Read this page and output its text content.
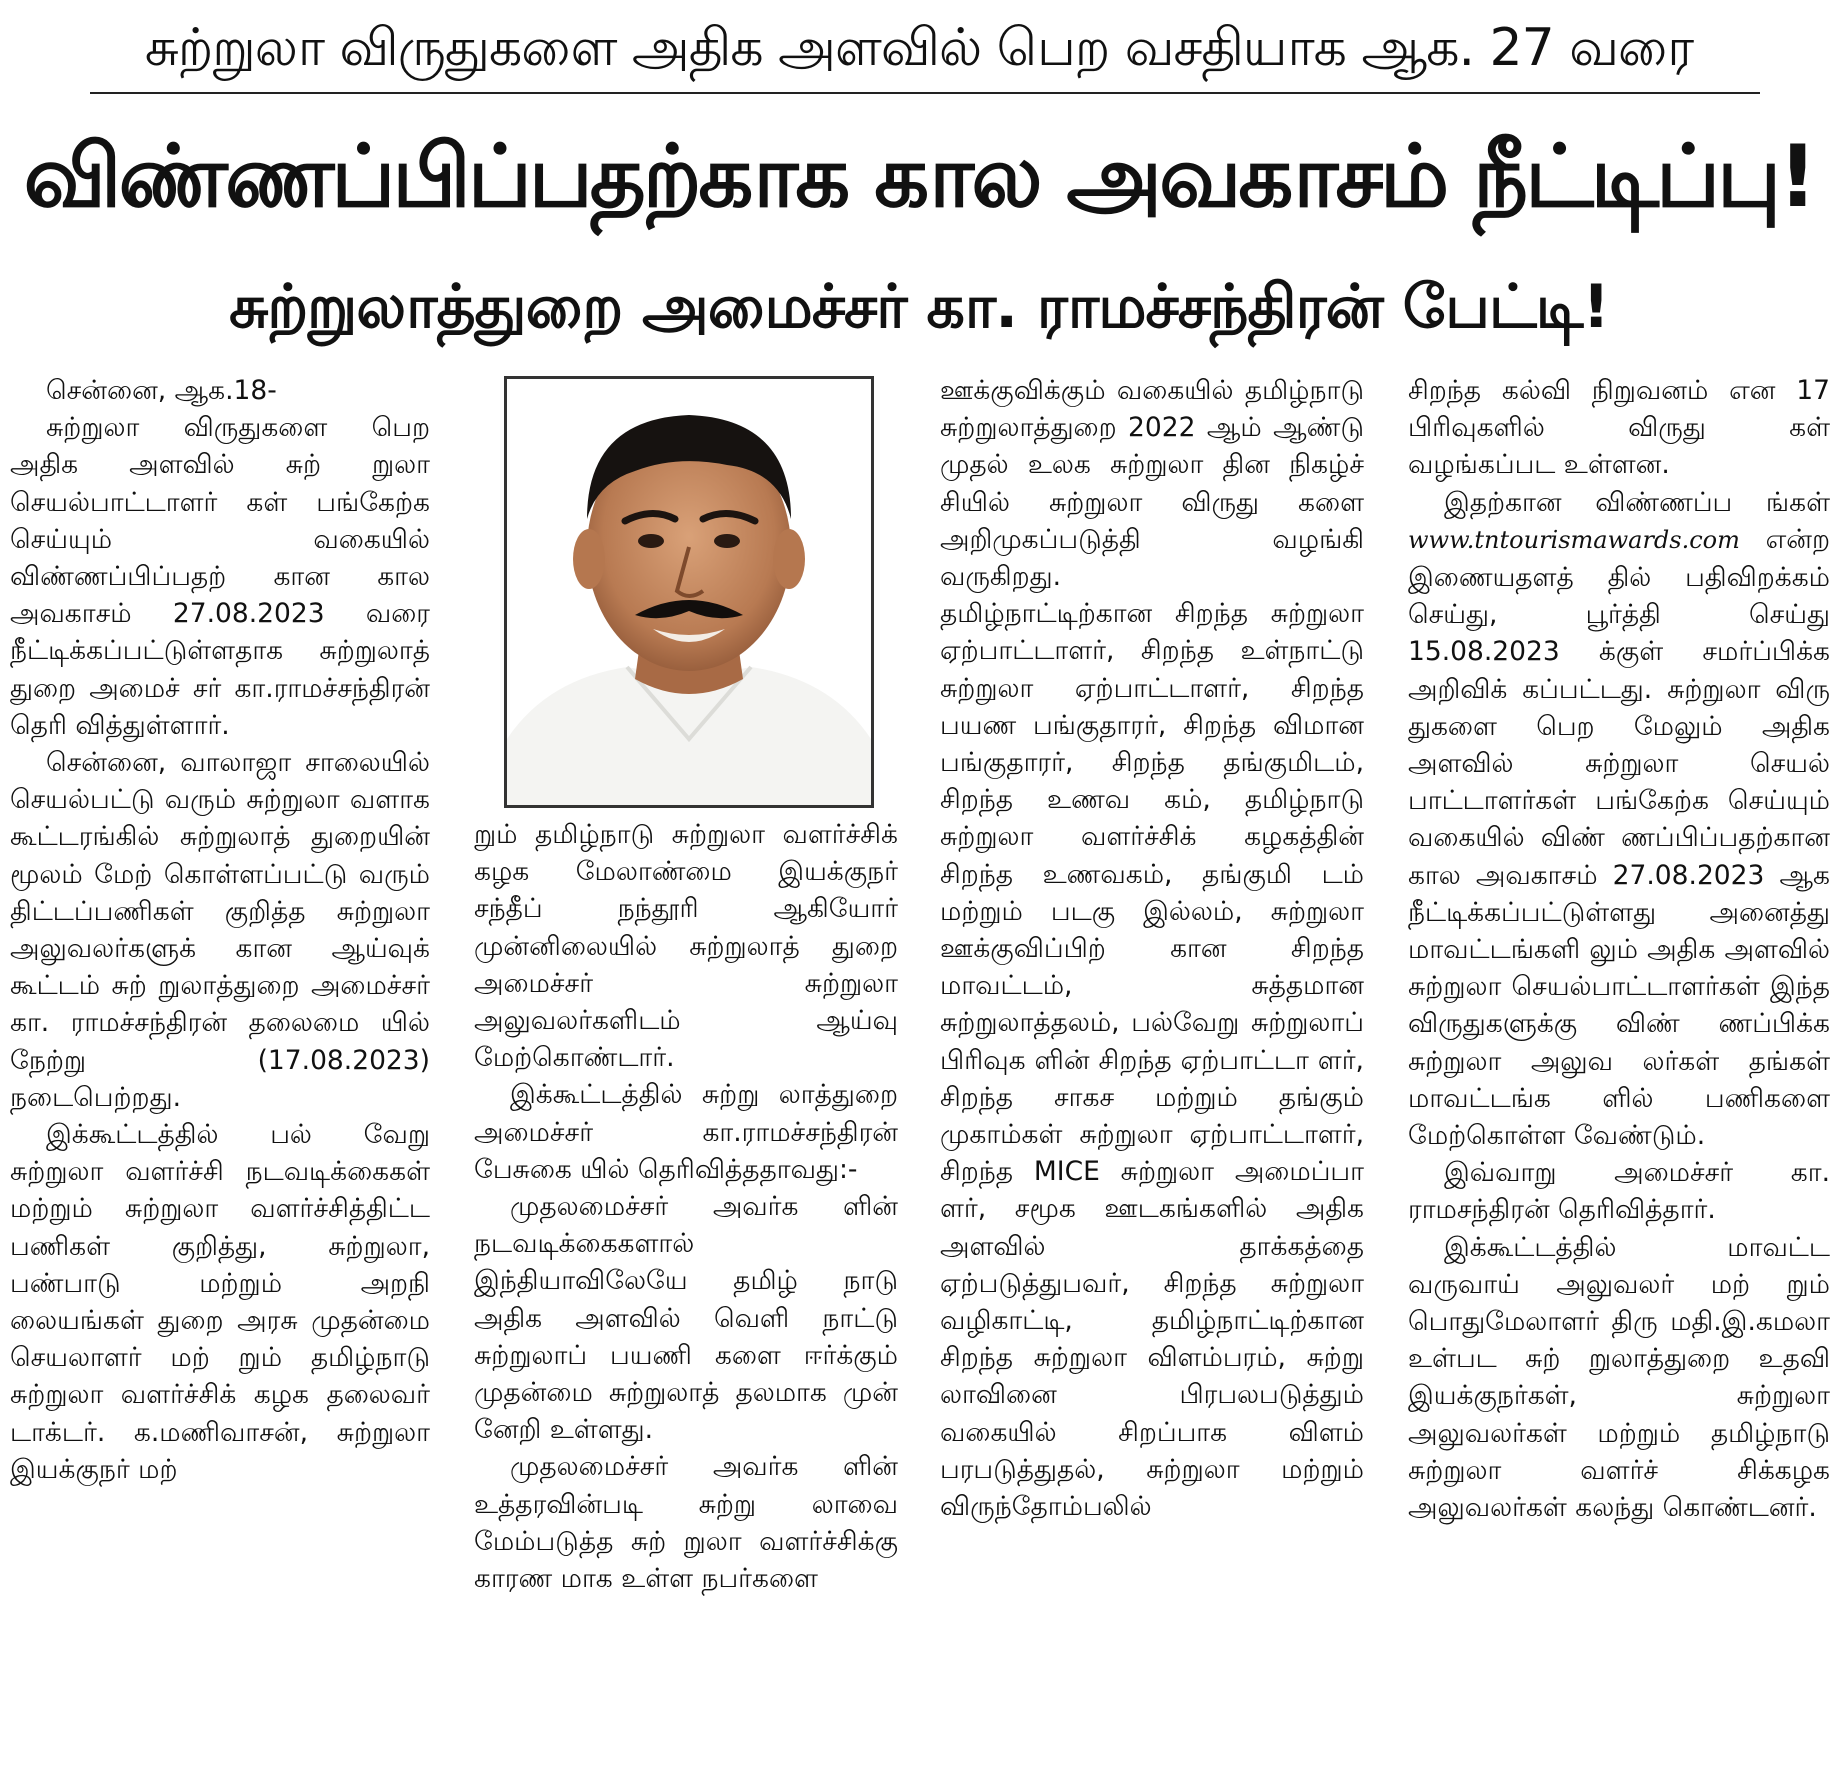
சுற்றுலா விருதுகளை அதிக அளவில் பெற வசதியாக ஆக. 27 வரை
விண்ணப்பிப்பதற்காக கால அவகாசம் நீட்டிப்பு!
சுற்றுலாத்துறை அமைச்சர் கா. ராமச்சந்திரன் பேட்டி!

சென்னை, ஆக.18-

சுற்றுலா விருதுகளை பெற அதிக அளவில் சுற் றுலா செயல்பாட்டாளர் கள் பங்கேற்க செய்யும் வகையில் விண்ணப்பிப்பதற் கான கால அவகாசம் 27.08.2023 வரை நீட்டிக்கப்பட்டுள்ளதாக சுற்றுலாத் துறை அமைச் சர் கா.ராமச்சந்திரன் தெரி வித்துள்ளார்.

சென்னை, வாலாஜா சாலையில் செயல்பட்டு வரும் சுற்றுலா வளாக கூட்டரங்கில் சுற்றுலாத் துறையின் மூலம் மேற் கொள்ளப்பட்டு வரும் திட்டப்பணிகள் குறித்த சுற்றுலா அலுவலர்களுக் கான ஆய்வுக் கூட்டம் சுற் றுலாத்துறை அமைச்சர் கா. ராமச்சந்திரன் தலைமை யில் நேற்று (17.08.2023) நடைபெற்றது.

இக்கூட்டத்தில் பல் வேறு சுற்றுலா வளர்ச்சி நடவடிக்கைகள் மற்றும் சுற்றுலா வளர்ச்சித்திட்ட பணிகள் குறித்து, சுற்றுலா, பண்பாடு மற்றும் அறநி லையங்கள் துறை அரசு முதன்மை செயலாளர் மற் றும் தமிழ்நாடு சுற்றுலா வளர்ச்சிக் கழக தலைவர் டாக்டர். க.மணிவாசன், சுற்றுலா இயக்குநர் மற்

றும் தமிழ்நாடு சுற்றுலா வளர்ச்சிக் கழக மேலாண்மை இயக்குநர் சந்தீப் நந்தூரி ஆகியோர் முன்னிலையில் சுற்றுலாத் துறை அமைச்சர் சுற்றுலா அலுவலர்களிடம் ஆய்வு மேற்கொண்டார்.

இக்கூட்டத்தில் சுற்று லாத்துறை அமைச்சர் கா.ராமச்சந்திரன் பேசுகை யில் தெரிவித்ததாவது:-

முதலமைச்சர் அவர்க ளின் நடவடிக்கைகளால் இந்தியாவிலேயே தமிழ் நாடு அதிக அளவில் வெளி நாட்டு சுற்றுலாப் பயணி களை ஈர்க்கும் முதன்மை சுற்றுலாத் தலமாக முன் னேறி உள்ளது.

முதலமைச்சர் அவர்க ளின் உத்தரவின்படி சுற்று லாவை மேம்படுத்த சுற் றுலா வளர்ச்சிக்கு காரண மாக உள்ள நபர்களை

ஊக்குவிக்கும் வகையில் தமிழ்நாடு சுற்றுலாத்துறை 2022 ஆம் ஆண்டு முதல் உலக சுற்றுலா தின நிகழ்ச் சியில் சுற்றுலா விருது களை அறிமுகப்படுத்தி வழங்கி வருகிறது.

தமிழ்நாட்டிற்கான சிறந்த சுற்றுலா ஏற்பாட்டாளர், சிறந்த உள்நாட்டு சுற்றுலா ஏற்பாட்டாளர், சிறந்த பயண பங்குதாரர், சிறந்த விமான பங்குதாரர், சிறந்த தங்குமிடம், சிறந்த உணவ கம், தமிழ்நாடு சுற்றுலா வளர்ச்சிக் கழகத்தின் சிறந்த உணவகம், தங்குமி டம் மற்றும் படகு இல்லம், சுற்றுலா ஊக்குவிப்பிற் கான சிறந்த மாவட்டம், சுத்தமான சுற்றுலாத்தலம், பல்வேறு சுற்றுலாப் பிரிவுக ளின் சிறந்த ஏற்பாட்டா ளர், சிறந்த சாகச மற்றும் தங்கும் முகாம்கள் சுற்றுலா ஏற்பாட்டாளர், சிறந்த MICE சுற்றுலா அமைப்பா ளர், சமூக ஊடகங்களில் அதிக அளவில் தாக்கத்தை ஏற்படுத்துபவர், சிறந்த சுற்றுலா வழிகாட்டி, தமிழ்நாட்டிற்கான சிறந்த சுற்றுலா விளம்பரம், சுற்று லாவினை பிரபலபடுத்தும் வகையில் சிறப்பாக விளம் பரபடுத்துதல், சுற்றுலா மற்றும் விருந்தோம்பலில்

சிறந்த கல்வி நிறுவனம் என 17 பிரிவுகளில் விருது கள் வழங்கப்பட உள்ளன.

இதற்கான விண்ணப்ப ங்கள் www.tntourismawards.com என்ற இணையதளத் தில் பதிவிறக்கம் செய்து, பூர்த்தி செய்து 15.08.2023 க்குள் சமர்ப்பிக்க அறிவிக் கப்பட்டது. சுற்றுலா விரு துகளை பெற மேலும் அதிக அளவில் சுற்றுலா செயல் பாட்டாளர்கள் பங்கேற்க செய்யும் வகையில் விண் ணப்பிப்பதற்கான கால அவகாசம் 27.08.2023 ஆக நீட்டிக்கப்பட்டுள்ளது அனைத்து மாவட்டங்களி லும் அதிக அளவில் சுற்றுலா செயல்பாட்டாளர்கள் இந்த விருதுகளுக்கு விண் ணப்பிக்க சுற்றுலா அலுவ லர்கள் தங்கள் மாவட்டங்க ளில் பணிகளை மேற்கொள்ள வேண்டும்.

இவ்வாறு அமைச்சர் கா. ராமசந்திரன் தெரிவித்தார்.

இக்கூட்டத்தில் மாவட்ட வருவாய் அலுவலர் மற் றும் பொதுமேலாளர் திரு மதி.இ.கமலா உள்பட சுற் றுலாத்துறை உதவி இயக்குநர்கள், சுற்றுலா அலுவலர்கள் மற்றும் தமிழ்நாடு சுற்றுலா வளர்ச் சிக்கழக அலுவலர்கள் கலந்து கொண்டனர்.
